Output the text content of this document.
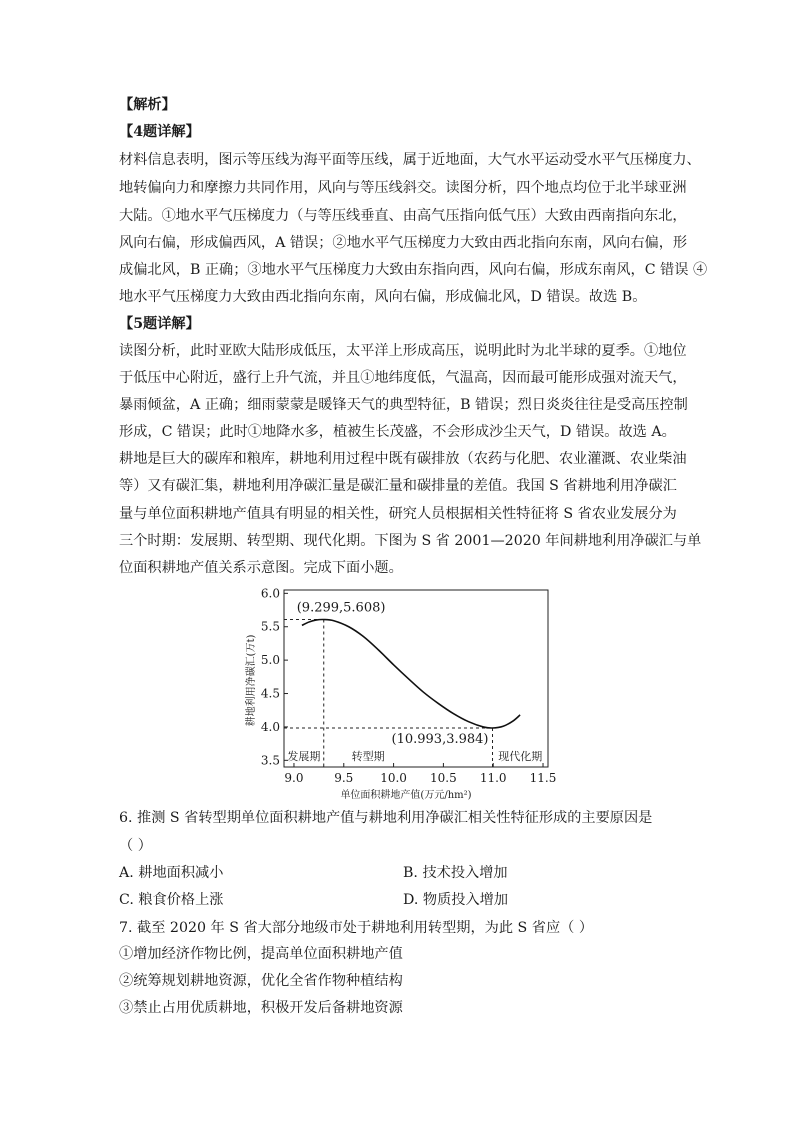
【解析】
【4题详解】
材料信息表明，图示等压线为海平面等压线，属于近地面，大气水平运动受水平气压梯度力、
地转偏向力和摩擦力共同作用，风向与等压线斜交。读图分析，四个地点均位于北半球亚洲
大陆。①地水平气压梯度力（与等压线垂直、由高气压指向低气压）大致由西南指向东北，
风向右偏，形成偏西风，A 错误；②地水平气压梯度力大致由西北指向东南，风向右偏，形
成偏北风，B 正确；③地水平气压梯度力大致由东指向西，风向右偏，形成东南风，C 错误 ④
地水平气压梯度力大致由西北指向东南，风向右偏，形成偏北风，D 错误。故选 B。
【5题详解】
读图分析，此时亚欧大陆形成低压，太平洋上形成高压，说明此时为北半球的夏季。①地位
于低压中心附近，盛行上升气流，并且①地纬度低，气温高，因而最可能形成强对流天气，
暴雨倾盆，A 正确；细雨蒙蒙是暖锋天气的典型特征，B 错误；烈日炎炎往往是受高压控制
形成，C 错误；此时①地降水多，植被生长茂盛，不会形成沙尘天气，D 错误。故选 A。
耕地是巨大的碳库和粮库，耕地利用过程中既有碳排放（农药与化肥、农业灌溉、农业柴油
等）又有碳汇集，耕地利用净碳汇量是碳汇量和碳排量的差值。我国 S 省耕地利用净碳汇
量与单位面积耕地产值具有明显的相关性，研究人员根据相关性特征将 S 省农业发展分为
三个时期：发展期、转型期、现代化期。下图为 S 省 2001—2020 年间耕地利用净碳汇与单
位面积耕地产值关系示意图。完成下面小题。
9.0	9.5 10.0 10.5 11.0 11.5
3.5
4.0
4.5
5.0
5.5
6.0
单位面积耕地产值(万元/hm²)
耕地利用净碳汇(万t)
(9.299,5.608)
(10.993,3.984)
发展期	转型期	现代化期
6. 推测 S 省转型期单位面积耕地产值与耕地利用净碳汇相关性特征形成的主要原因是
（ ）
A. 耕地面积减小	B. 技术投入增加
C. 粮食价格上涨	D. 物质投入增加
7. 截至 2020 年 S 省大部分地级市处于耕地利用转型期，为此 S 省应（ ）
①增加经济作物比例，提高单位面积耕地产值
②统筹规划耕地资源，优化全省作物种植结构
③禁止占用优质耕地，积极开发后备耕地资源
